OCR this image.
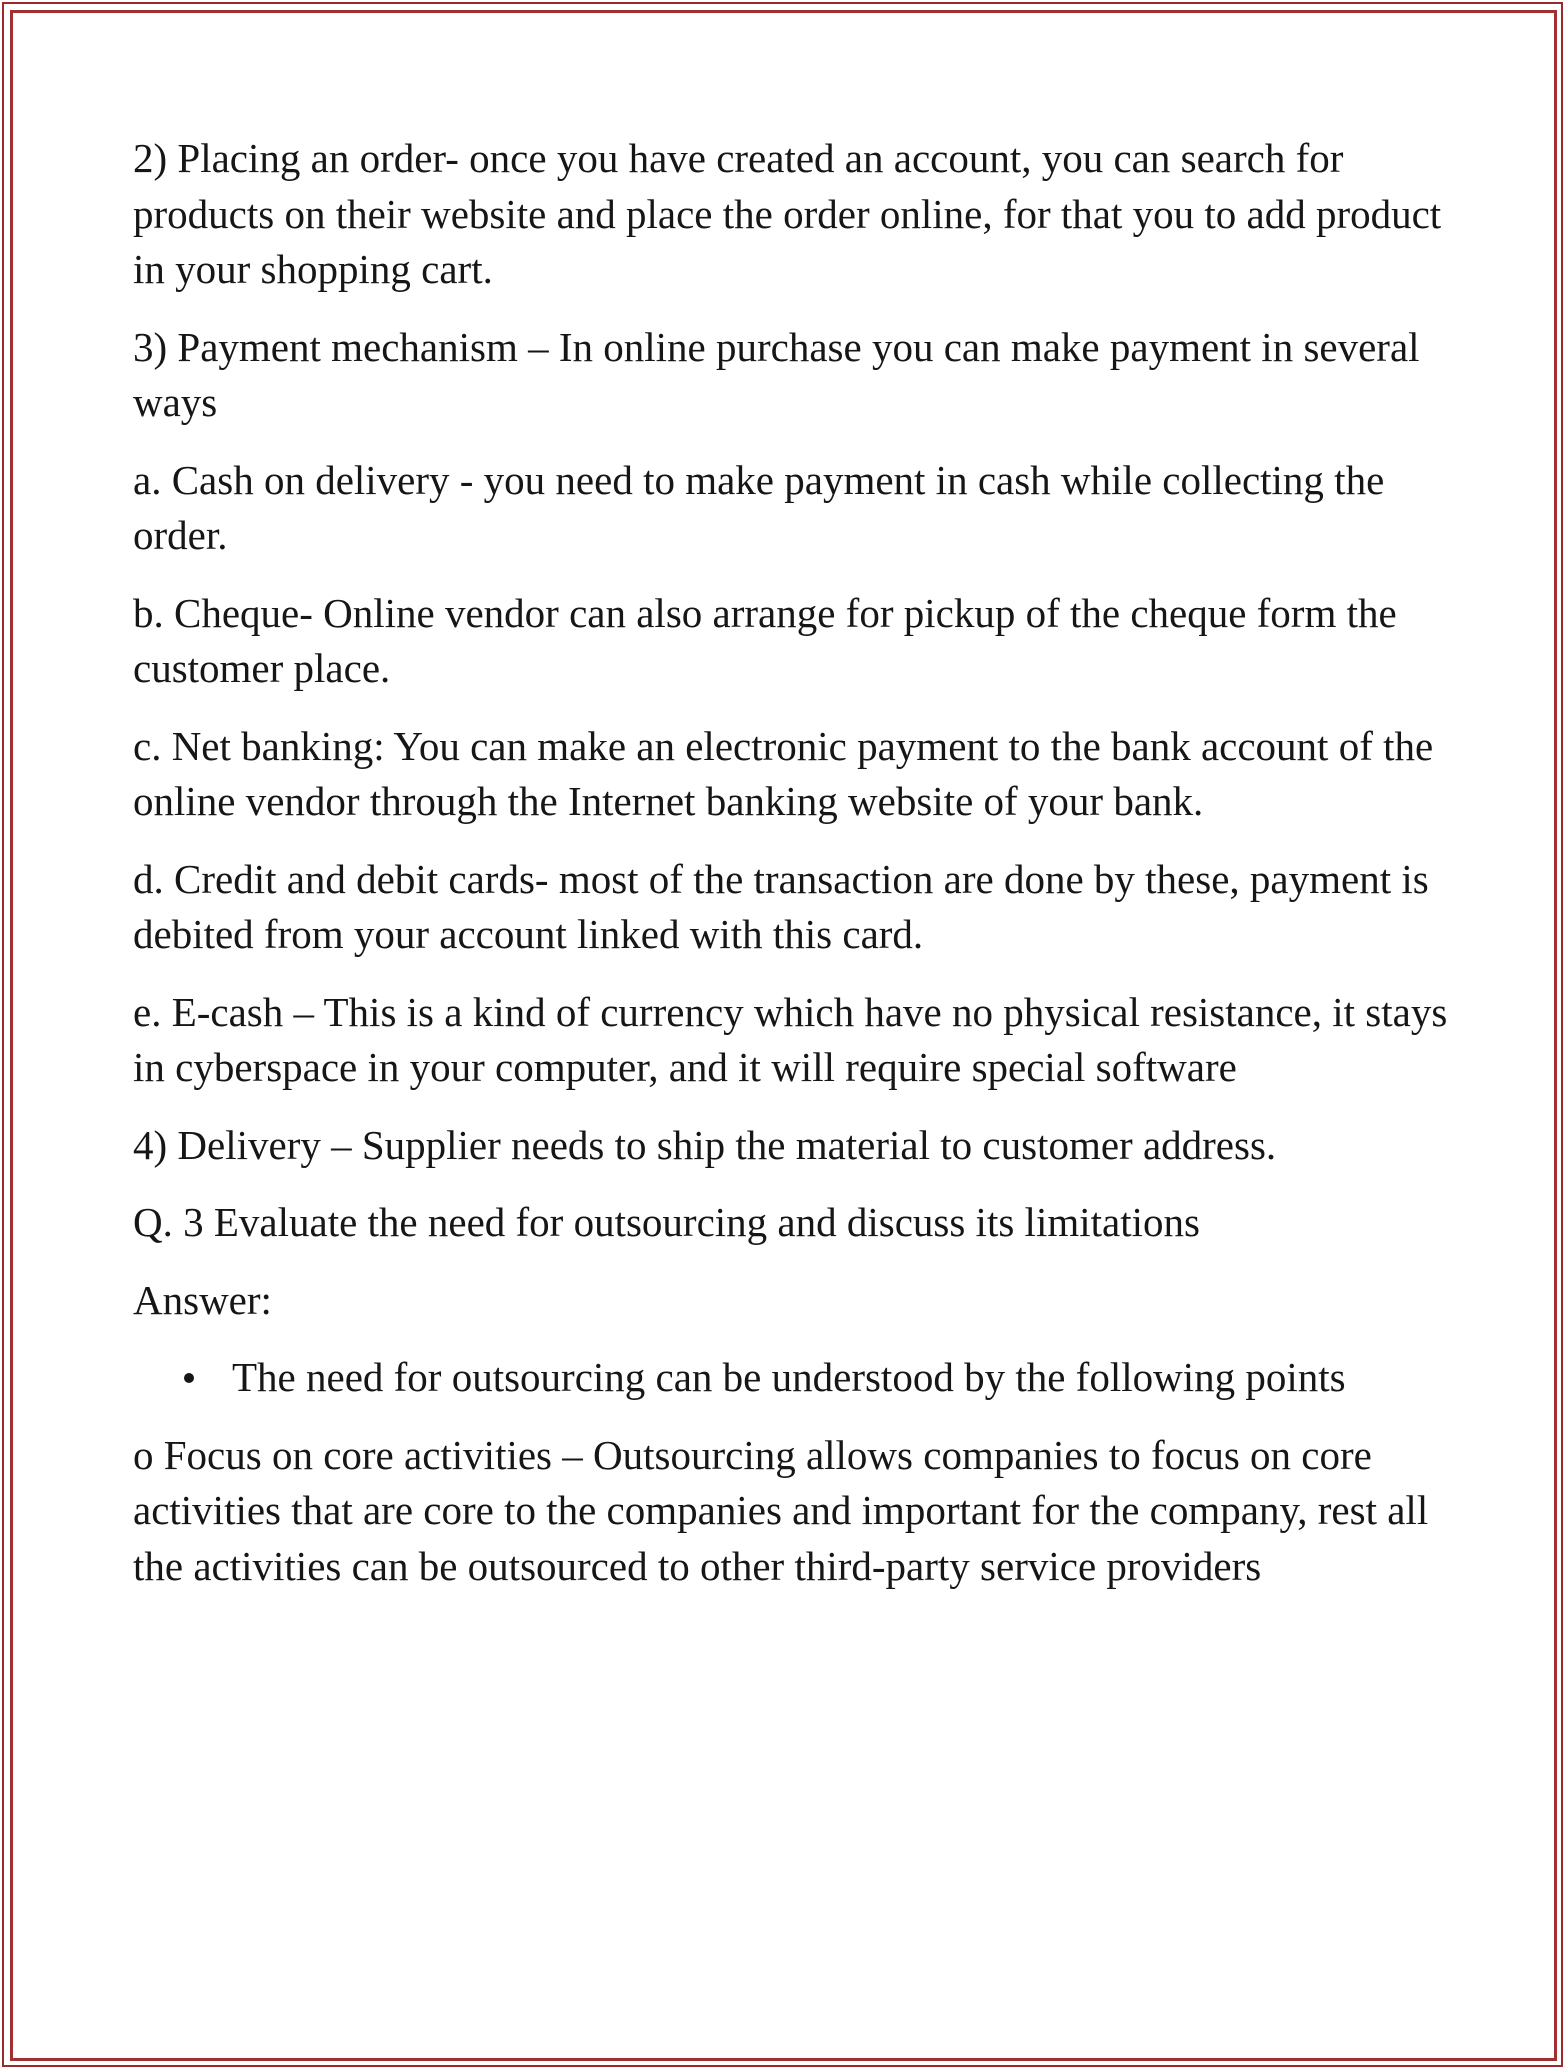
2) Placing an order- once you have created an account, you can search for products on their website and place the order online, for that you to add product in your shopping cart.

3) Payment mechanism – In online purchase you can make payment in several ways

a. Cash on delivery - you need to make payment in cash while collecting the order.

b. Cheque- Online vendor can also arrange for pickup of the cheque form the customer place.

c. Net banking: You can make an electronic payment to the bank account of the online vendor through the Internet banking website of your bank.

d. Credit and debit cards- most of the transaction are done by these, payment is debited from your account linked with this card.

e. E-cash – This is a kind of currency which have no physical resistance, it stays in cyberspace in your computer, and it will require special software

4) Delivery – Supplier needs to ship the material to customer address.

Q. 3 Evaluate the need for outsourcing and discuss its limitations

Answer:

The need for outsourcing can be understood by the following points

o Focus on core activities – Outsourcing allows companies to focus on core activities that are core to the companies and important for the company, rest all the activities can be outsourced to other third-party service providers
